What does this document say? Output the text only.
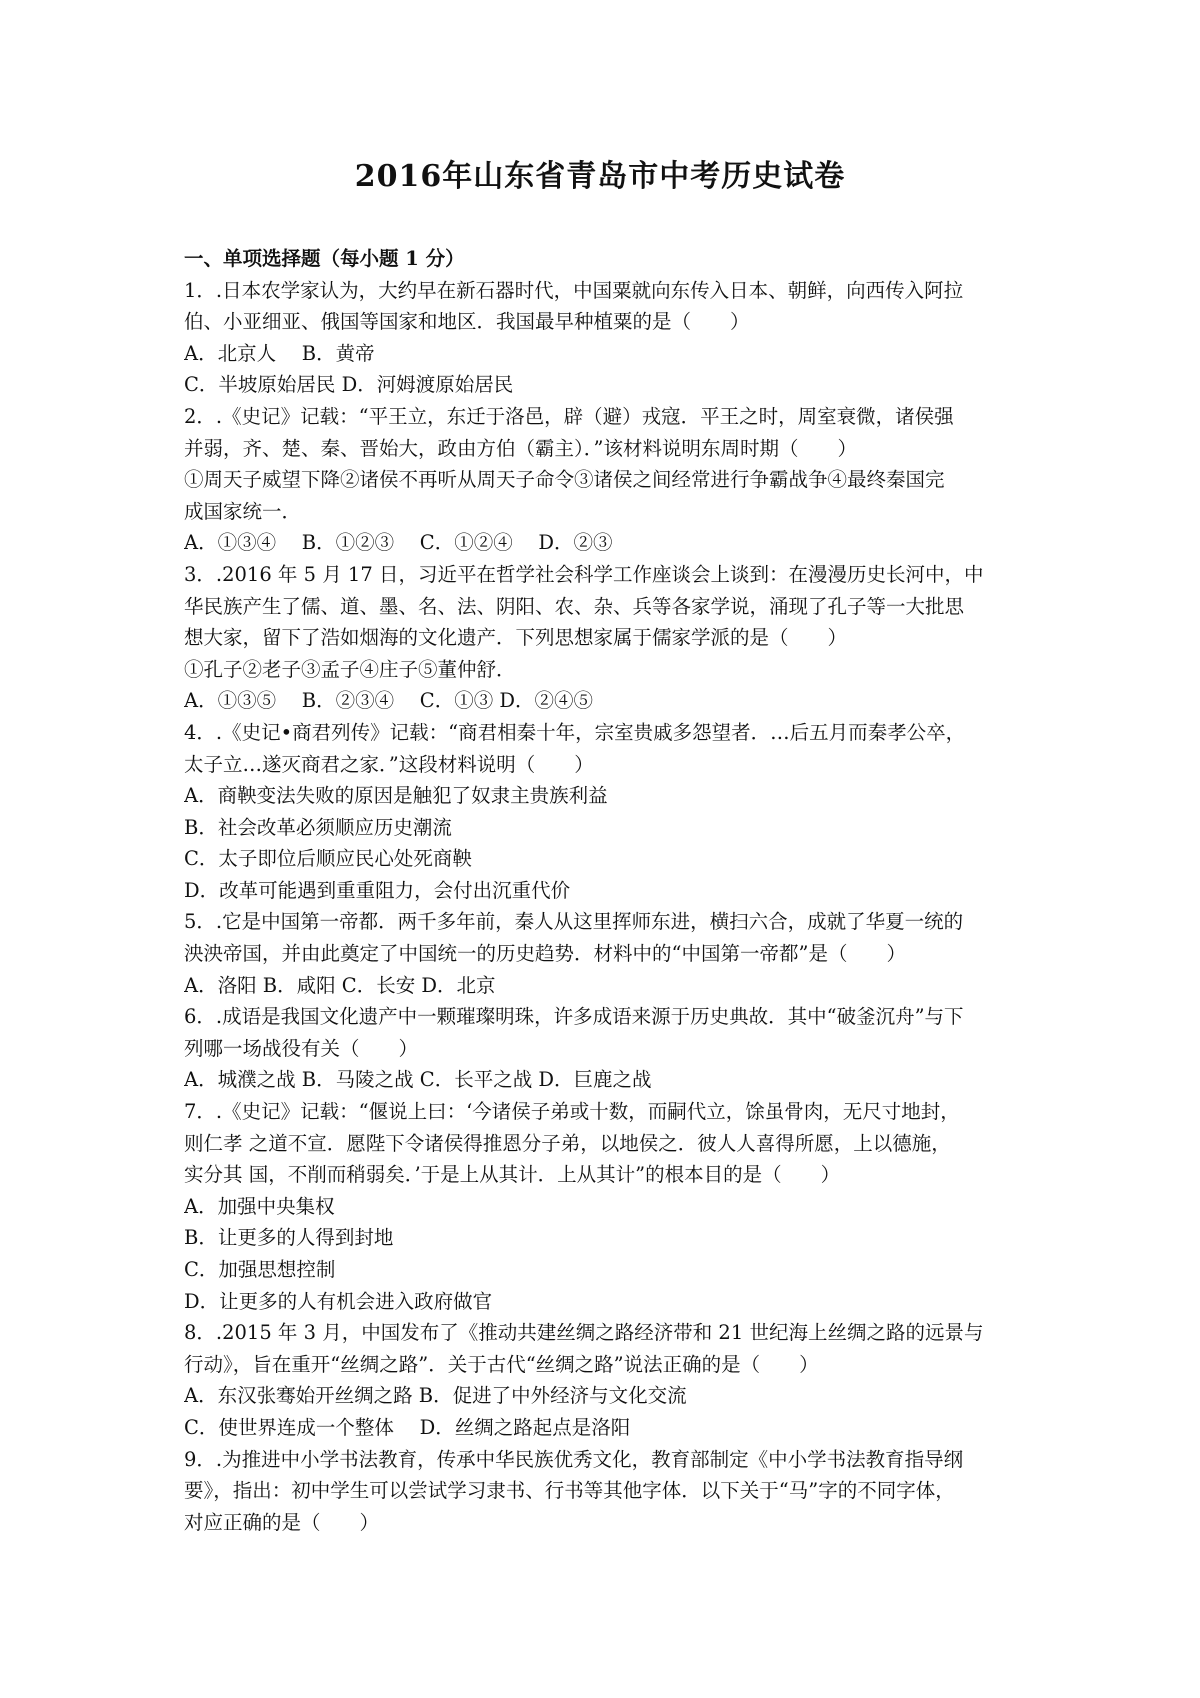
2016年山东省青岛市中考历史试卷
一、单项选择题（每小题 1 分）
1．.日本农学家认为，大约早在新石器时代，中国粟就向东传入日本、朝鲜，向西传入阿拉
伯、小亚细亚、俄国等国家和地区．我国最早种植粟的是（　　）
A．北京人　 B．黄帝
C．半坡原始居民 D．河姆渡原始居民
2．.《史记》记载：“平王立，东迁于洛邑，辟（避）戎寇．平王之时，周室衰微，诸侯强
并弱，齐、楚、秦、晋始大，政由方伯（霸主）．”该材料说明东周时期（　　）
①周天子威望下降②诸侯不再听从周天子命令③诸侯之间经常进行争霸战争④最终秦国完
成国家统一．
A．①③④　 B．①②③　 C．①②④　 D．②③
3．.2016 年 5 月 17 日，习近平在哲学社会科学工作座谈会上谈到：在漫漫历史长河中，中
华民族产生了儒、道、墨、名、法、阴阳、农、杂、兵等各家学说，涌现了孔子等一大批思
想大家，留下了浩如烟海的文化遗产．下列思想家属于儒家学派的是（　　）
①孔子②老子③孟子④庄子⑤董仲舒．
A．①③⑤　 B．②③④　 C．①③ D．②④⑤
4．.《史记•商君列传》记载：“商君相秦十年，宗室贵戚多怨望者．…后五月而秦孝公卒，
太子立…遂灭商君之家．”这段材料说明（　　）
A．商鞅变法失败的原因是触犯了奴隶主贵族利益
B．社会改革必须顺应历史潮流
C．太子即位后顺应民心处死商鞅
D．改革可能遇到重重阻力，会付出沉重代价
5．.它是中国第一帝都．两千多年前，秦人从这里挥师东进，横扫六合，成就了华夏一统的
泱泱帝国，并由此奠定了中国统一的历史趋势．材料中的“中国第一帝都”是（　　）
A．洛阳 B．咸阳 C．长安 D．北京
6．.成语是我国文化遗产中一颗璀璨明珠，许多成语来源于历史典故．其中“破釜沉舟”与下
列哪一场战役有关（　　）
A．城濮之战 B．马陵之战 C．长平之战 D．巨鹿之战
7．.《史记》记载：“偃说上曰：‘今诸侯子弟或十数，而嗣代立，馀虽骨肉，无尺寸地封，
则仁孝 之道不宣．愿陛下令诸侯得推恩分子弟，以地侯之．彼人人喜得所愿，上以德施，
实分其 国，不削而稍弱矣．’于是上从其计．上从其计”的根本目的是（　　）
A．加强中央集权
B．让更多的人得到封地
C．加强思想控制
D．让更多的人有机会进入政府做官
8．.2015 年 3 月，中国发布了《推动共建丝绸之路经济带和 21 世纪海上丝绸之路的远景与
行动》，旨在重开“丝绸之路”．关于古代“丝绸之路”说法正确的是（　　）
A．东汉张骞始开丝绸之路 B．促进了中外经济与文化交流
C．使世界连成一个整体　 D．丝绸之路起点是洛阳
9．.为推进中小学书法教育，传承中华民族优秀文化，教育部制定《中小学书法教育指导纲
要》，指出：初中学生可以尝试学习隶书、行书等其他字体．以下关于“马”字的不同字体，
对应正确的是（　　）
